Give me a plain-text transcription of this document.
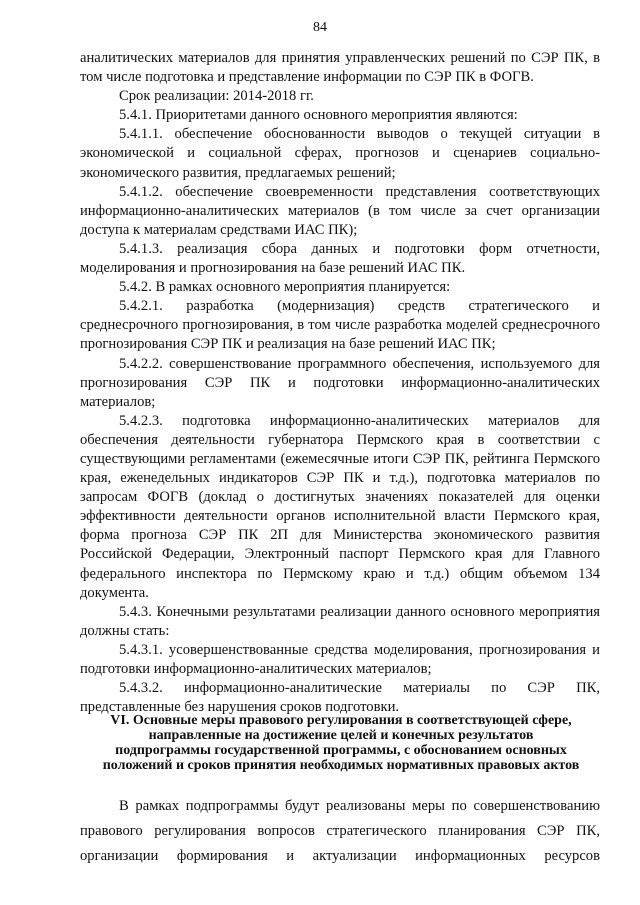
84

аналитических материалов для принятия управленческих решений по СЭР ПК, в том числе подготовка и представление информации по СЭР ПК в ФОГВ.

Срок реализации: 2014-2018 гг.

5.4.1. Приоритетами данного основного мероприятия являются:

5.4.1.1. обеспечение обоснованности выводов о текущей ситуации в экономической и социальной сферах, прогнозов и сценариев социально-экономического развития, предлагаемых решений;

5.4.1.2. обеспечение своевременности представления соответствующих информационно-аналитических материалов (в том числе за счет организации доступа к материалам средствами ИАС ПК);

5.4.1.3. реализация сбора данных и подготовки форм отчетности, моделирования и прогнозирования на базе решений ИАС ПК.

5.4.2. В рамках основного мероприятия планируется:

5.4.2.1. разработка (модернизация) средств стратегического и среднесрочного прогнозирования, в том числе разработка моделей среднесрочного прогнозирования СЭР ПК и реализация на базе решений ИАС ПК;

5.4.2.2. совершенствование программного обеспечения, используемого для прогнозирования СЭР ПК и подготовки информационно-аналитических материалов;

5.4.2.3. подготовка информационно-аналитических материалов для обеспечения деятельности губернатора Пермского края в соответствии с существующими регламентами (ежемесячные итоги СЭР ПК, рейтинга Пермского края, еженедельных индикаторов СЭР ПК и т.д.), подготовка материалов по запросам ФОГВ (доклад о достигнутых значениях показателей для оценки эффективности деятельности органов исполнительной власти Пермского края, форма прогноза СЭР ПК 2П для Министерства экономического развития Российской Федерации, Электронный паспорт Пермского края для Главного федерального инспектора по Пермскому краю и т.д.) общим объемом 134 документа.

5.4.3. Конечными результатами реализации данного основного мероприятия должны стать:

5.4.3.1. усовершенствованные средства моделирования, прогнозирования и подготовки информационно-аналитических материалов;

5.4.3.2. информационно-аналитические материалы по СЭР ПК, представленные без нарушения сроков подготовки.

VI. Основные меры правового регулирования в соответствующей сфере,
направленные на достижение целей и конечных результатов
подпрограммы государственной программы, с обоснованием основных
положений и сроков принятия необходимых нормативных правовых актов

В рамках подпрограммы будут реализованы меры по совершенствованию правового регулирования вопросов стратегического планирования СЭР ПК, организации формирования и актуализации информационных ресурсов
